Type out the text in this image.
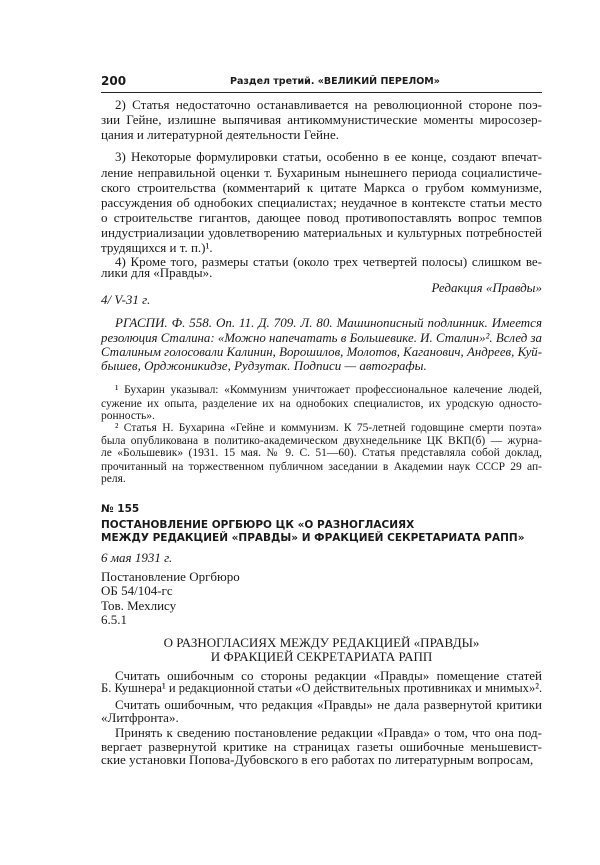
200	Раздел третий. «ВЕЛИКИЙ ПЕРЕЛОМ»
2) Статья недостаточно останавливается на революционной стороне поэ-
зии Гейне, излишне выпячивая антикоммунистические моменты миросозер-
цания и литературной деятельности Гейне.
3) Некоторые формулировки статьи, особенно в ее конце, создают впечат-
ление неправильной оценки т. Бухариным нынешнего периода социалистиче-
ского строительства (комментарий к цитате Маркса о грубом коммунизме,
рассуждения об однобоких специалистах; неудачное в контексте статьи место
о строительстве гигантов, дающее повод противопоставлять вопрос темпов
индустриализации удовлетворению материальных и культурных потребностей
трудящихся и т. п.)¹.
4) Кроме того, размеры статьи (около трех четвертей полосы) слишком ве-
лики для «Правды».
Редакция «Правды»
4/ V-31 г.
РГАСПИ. Ф. 558. Оп. 11. Д. 709. Л. 80. Машинописный подлинник. Имеется
резолюция Сталина: «Можно напечатать в Большевике. И. Сталин»². Вслед за
Сталиным голосовали Калинин, Ворошилов, Молотов, Каганович, Андреев, Куй-
бышев, Орджоникидзе, Рудзутак. Подписи — автографы.
¹ Бухарин указывал: «Коммунизм уничтожает профессиональное калечение людей,
сужение их опыта, разделение их на однобоких специалистов, их уродскую односто-
ронность».
² Статья Н. Бухарина «Гейне и коммунизм. К 75-летней годовщине смерти поэта»
была опубликована в политико-академическом двухнедельнике ЦК ВКП(б) — журна-
ле «Большевик» (1931. 15 мая. № 9. С. 51—60). Статья представляла собой доклад,
прочитанный на торжественном публичном заседании в Академии наук СССР 29 ап-
реля.
№ 155
ПОСТАНОВЛЕНИЕ ОРГБЮРО ЦК «О РАЗНОГЛАСИЯХ
МЕЖДУ РЕДАКЦИЕЙ «ПРАВДЫ» И ФРАКЦИЕЙ СЕКРЕТАРИАТА РАПП»
6 мая 1931 г.
Постановление Оргбюро
ОБ 54/104-гс
Тов. Мехлису
6.5.1
О РАЗНОГЛАСИЯХ МЕЖДУ РЕДАКЦИЕЙ «ПРАВДЫ»
И ФРАКЦИЕЙ СЕКРЕТАРИАТА РАПП
Считать ошибочным со стороны редакции «Правды» помещение статей
Б. Кушнера¹ и редакционной статьи «О действительных противниках и мнимых»².
Считать ошибочным, что редакция «Правды» не дала развернутой критики
«Литфронта».
Принять к сведению постановление редакции «Правда» о том, что она под-
вергает развернутой критике на страницах газеты ошибочные меньшевист-
ские установки Попова-Дубовского в его работах по литературным вопросам,
